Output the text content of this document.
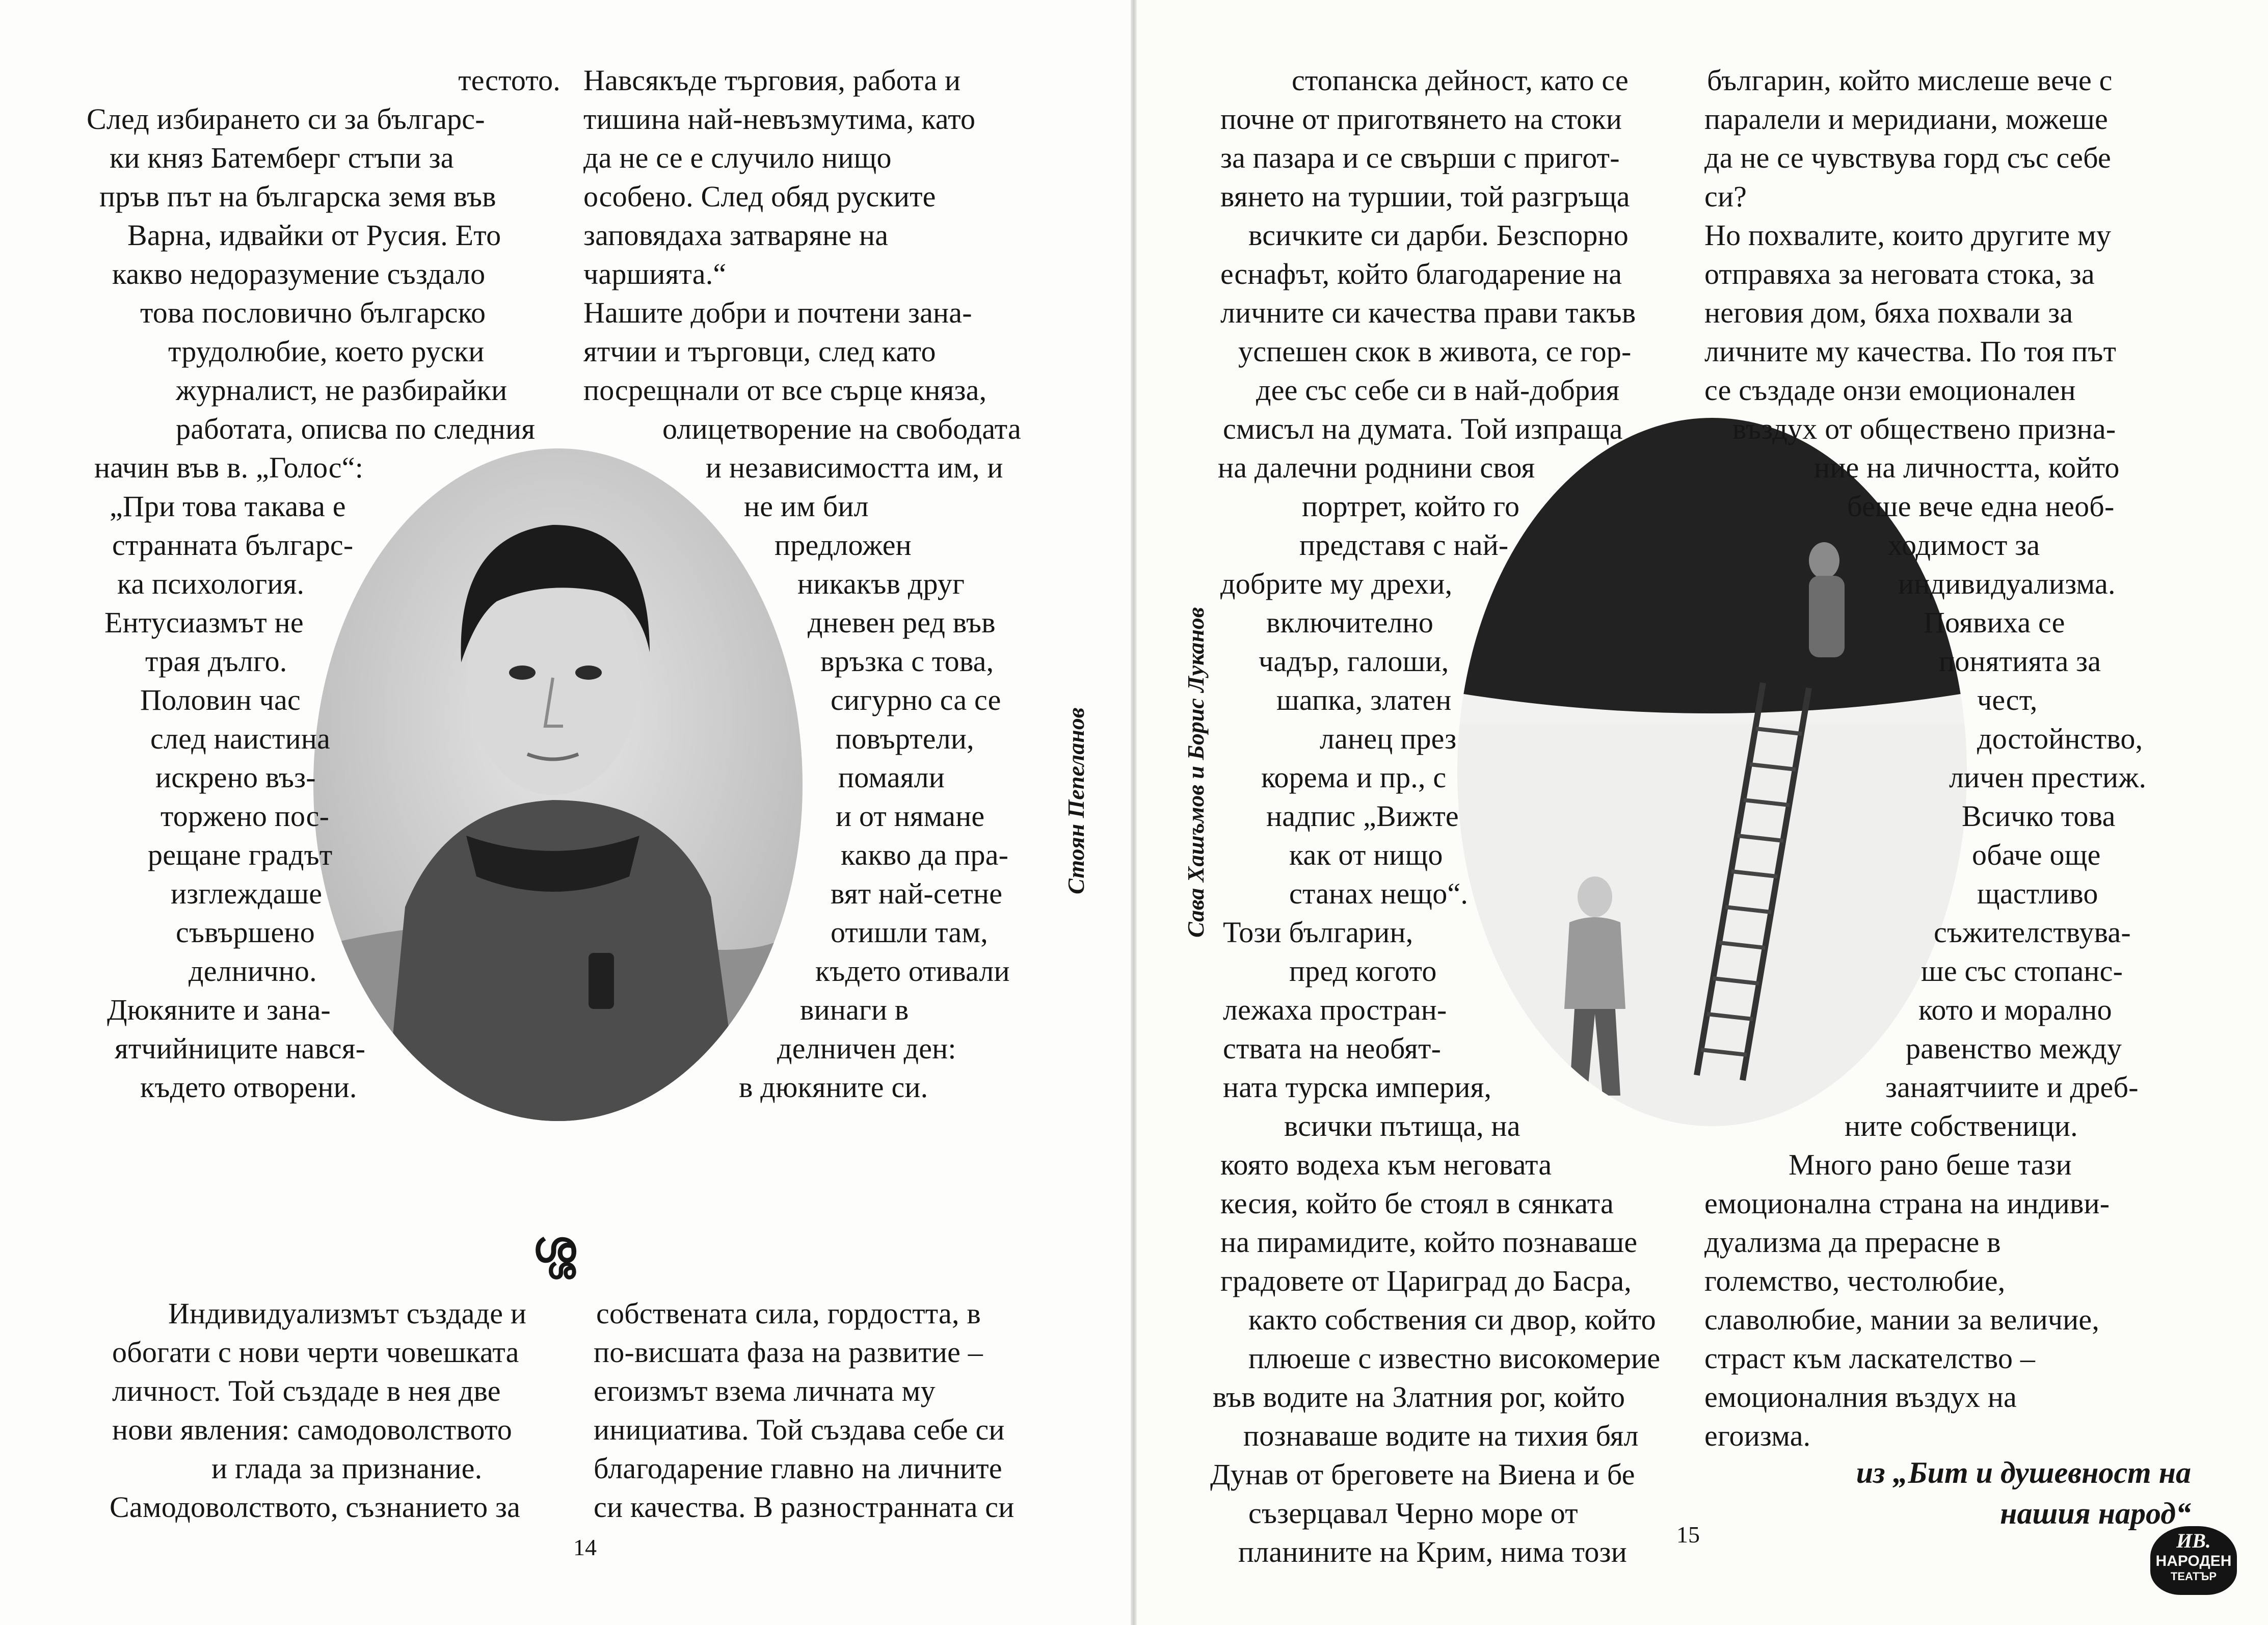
Стоян Пепеланов	Сава Хашъмов и Борис Луканов
тестото.
След избирането си за българс-
ки княз Батемберг стъпи за
пръв път на българска земя във
Варна, идвайки от Русия. Ето
какво недоразумение създало
това пословично българско
трудолюбие, което руски
журналист, не разбирайки
работата, описва по следния
начин във в. „Голос“:
„При това такава е
странната българс-
ка психология.
Ентусиазмът не
трая дълго.
Половин час
след наистина
искрено въз-
торжено пос-
рещане градът
изглеждаше
съвършено
делнично.
Дюкяните и зана-
ятчийниците нався-
където отворени.
Навсякъде търговия, работа и
тишина най-невъзмутима, като
да не се е случило нищо
особено. След обяд руските
заповядаха затваряне на
чаршията.“
Нашите добри и почтени зана-
ятчии и търговци, след като
посрещнали от все сърце княза,
олицетворение на свободата
и независимостта им, и
не им бил
предложен
никакъв друг
дневен ред във
връзка с това,
сигурно са се
повъртели,
помаяли
и от нямане
какво да пра-
вят най-сетне
отишли там,
където отивали
винаги в
делничен ден:
в дюкяните си.
ശ്ശ
Индивидуализмът създаде и
обогати с нови черти човешката
личност. Той създаде в нея две
нови явления: самодоволството
и глада за признание.
Самодоволството, съзнанието за
собствената сила, гордостта, в
по-висшата фаза на развитие –
егоизмът взема личната му
инициатива. Той създава себе си
благодарение главно на личните
си качества. В разностранната си
14
стопанска дейност, като се
почне от приготвянето на стоки
за пазара и се свърши с пригот-
вянето на туршии, той разгръща
всичките си дарби. Безспорно
еснафът, който благодарение на
личните си качества прави такъв
успешен скок в живота, се гор-
дее със себе си в най-добрия
смисъл на думата. Той изпраща
на далечни роднини своя
портрет, който го
представя с най-
добрите му дрехи,
включително
чадър, галоши,
шапка, златен
ланец през
корема и пр., с
надпис „Вижте
как от нищо
станах нещо“.
Този българин,
пред когото
лежаха простран-
ствата на необят-
ната турска империя,
всички пътища, на
която водеха към неговата
кесия, който бе стоял в сянката
на пирамидите, който познаваше
градовете от Цариград до Басра,
както собствения си двор, който
плюеше с известно високомерие
във водите на Златния рог, който
познаваше водите на тихия бял
Дунав от бреговете на Виена и бе
съзерцавал Черно море от
планините на Крим, нима този
българин, който мислеше вече с
паралели и меридиани, можеше
да не се чувствува горд със себе
си?
Но похвалите, които другите му
отправяха за неговата стока, за
неговия дом, бяха похвали за
личните му качества. По тоя път
се създаде онзи емоционален
въздух от общественo призна-
ние на личността, който
беше вече една необ-
ходимост за
индивидуализма.
Появиха се
понятията за
чест,
достойнство,
личен престиж.
Всичко това
обаче още
щастливо
съжителствува-
ше със стопанс-
кото и морално
равенство между
занаятчиите и дреб-
ните собственици.
Много рано беше тази
емоционална страна на индиви-
дуализма да прерасне в
големство, честолюбие,
славолюбие, мании за величие,
страст към ласкателство –
емоционалния въздух на
егоизма.
из „Бит и душевност на
нашия народ“
15	ИВ.
НАРОДЕН
ТЕАТЪР
